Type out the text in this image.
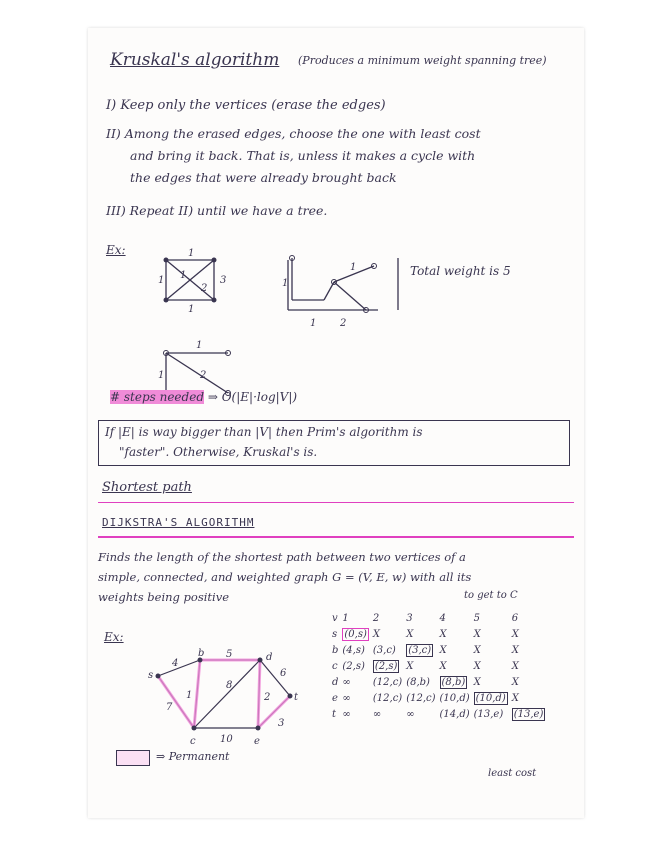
Kruskal's algorithm (Produces a minimum weight spanning tree)
I) Keep only the vertices (erase the edges)
II) Among the erased edges, choose the one with least cost
and bring it back. That is, unless it makes a cycle with
the edges that were already brought back
III) Repeat II) until we have a tree.
Ex:	1
1 1	3
1
2	1
1
1 2
1
1	2
Total weight is 5
# steps needed ⇒ O(|E|·log|V|)
If |E| is way bigger than |V| then Prim's algorithm is
"faster". Otherwise, Kruskal's is.
Shortest path
DIJKSTRA'S ALGORITHM
Finds the length of the shortest path between two vertices of a
simple, connected, and weighted graph G = (V, E, w) with all its
weights being positive	to get to C
Ex:
s
b
c
d
e
t
4
5
7
1
8
6
2
3
10
⇒ Permanent
v	1	2	3	4	5	6
s	(0,s)	X	X	X	X	X
b	(4,s)	(3,c)	(3,c)	X	X	X
c	(2,s)	(2,s)	X	X	X	X
d	∞	(12,c)	(8,b)	(8,b)	X	X
e	∞	(12,c)	(12,c)	(10,d)	(10,d)	X
t	∞	∞	∞	(14,d)	(13,e)	(13,e)
least cost
